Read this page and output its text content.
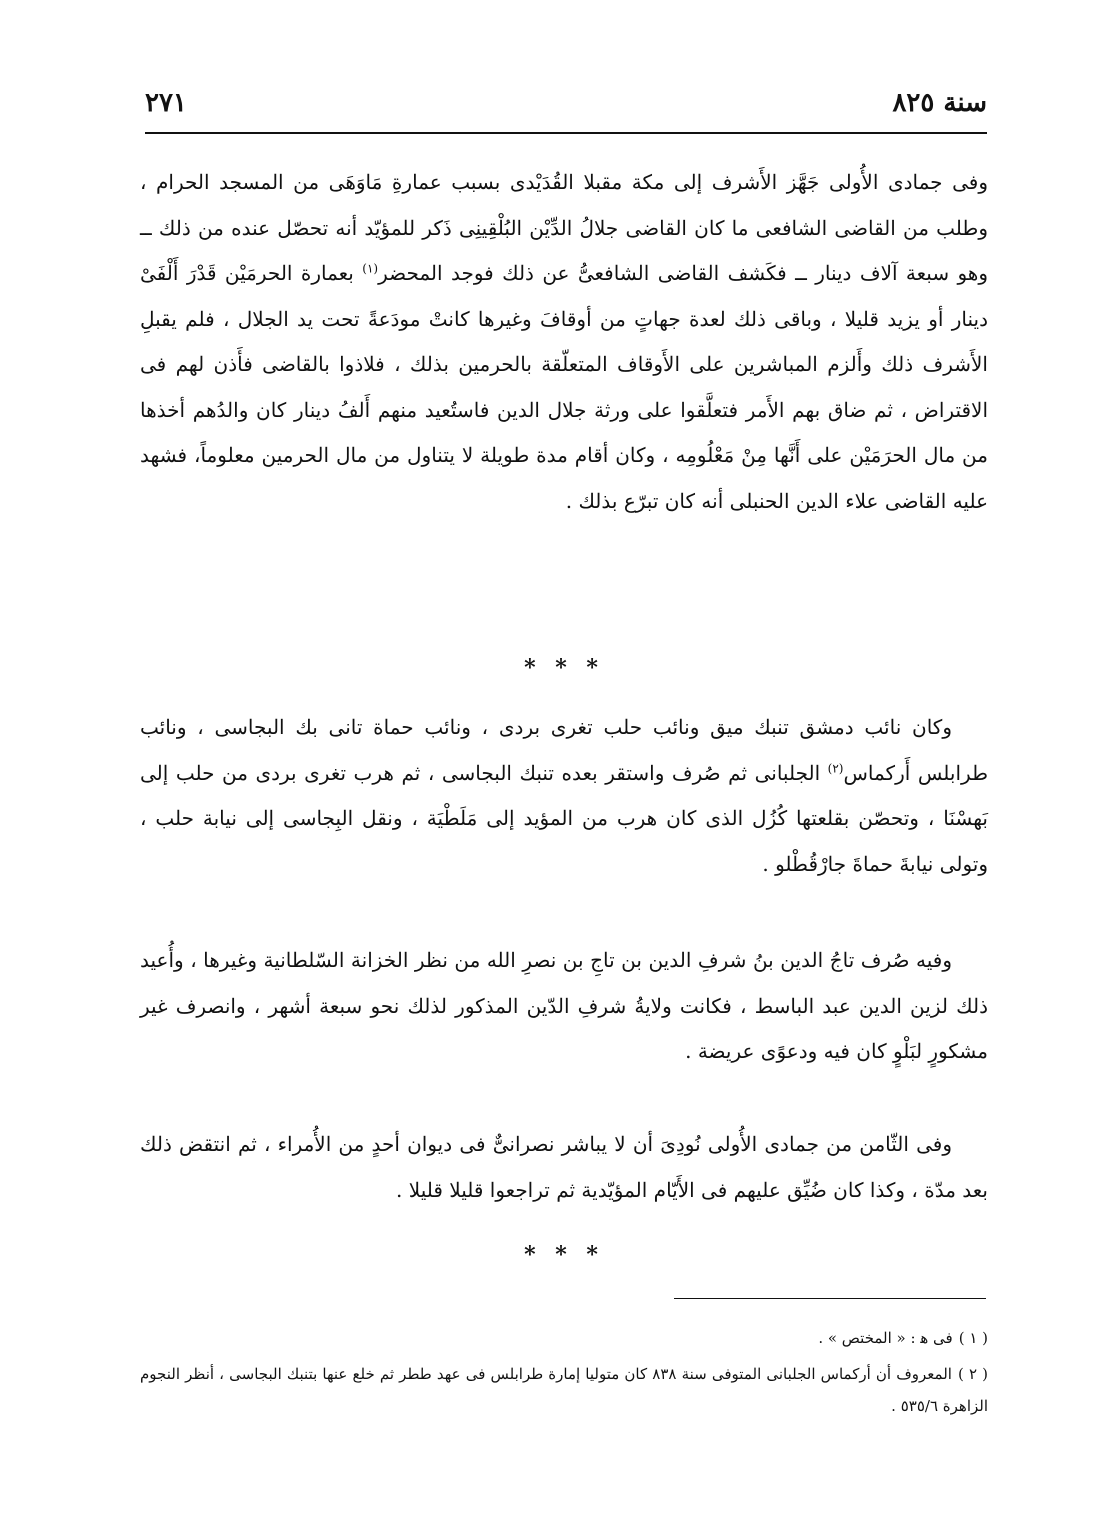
سنة ٨٢٥
٢٧١

وفى جمادى الأُولى جَهَّز الأَشرف إلى مكة مقبلا القُدَيْدى بسبب عمارةِ مَاوَهَى من المسجد الحرام ، وطلب من القاضى الشافعى ما كان القاضى جلالُ الدِّيْن البُلْقِينِى ذَكر للمؤيّد أنه تحصّل عنده من ذلك ــ وهو سبعة آلاف دينار ــ فكَشف القاضى الشافعىُّ عن ذلك فوجد المحضر$^{(١)}$ بعمارة الحرمَيْن قَدْرَ أَلْفَىْ دينار أو يزيد قليلا ، وباقى ذلك لعدة جهاتٍ من أوقافَ وغيرها كانتْ مودَعةً تحت يد الجلال ، فلم يقبلِ الأَشرف ذلك وأَلزم المباشرين على الأَوقاف المتعلّقة بالحرمين بذلك ، فلاذوا بالقاضى فأَذن لهم فى الاقتراض ، ثم ضاق بهم الأَمر فتعلَّقوا على ورثة جلال الدين فاستُعيد منهم أَلفُ دينار كان والدُهم أخذها من مال الحرَمَيْن على أَنَّها مِنْ مَعْلُومِه ، وكان أقام مدة طويلة لا يتناول من مال الحرمين معلوماً، فشهد عليه القاضى علاء الدين الحنبلى أنه كان تبرّع بذلك .

* * *

وكان نائب دمشق تنبك ميق ونائب حلب تغرى بردى ، ونائب حماة تانى بك البجاسى ، ونائب طرابلس أَركماس$^{(٢)}$ الجلبانى ثم صُرف واستقر بعده تنبك البجاسى ، ثم هرب تغرى بردى من حلب إلى بَهسْنَا ، وتحصّن بقلعتها كُزُل الذى كان هرب من المؤيد إلى مَلَطْيَة ، ونقل البِجاسى إلى نيابة حلب ، وتولى نيابةَ حماةَ جارْقُطْلو .

وفيه صُرف تاجُ الدين بنُ شرفِ الدين بن تاجِ بن نصرِ الله من نظر الخزانة السّلطانية وغيرها ، وأُعيد ذلك لزين الدين عبد الباسط ، فكانت ولايةُ شرفِ الدّين المذكور لذلك نحو سبعة أشهر ، وانصرف غير مشكورٍ لبَلْوٍ كان فيه ودعوًى عريضة .

وفى الثّامن من جمادى الأُولى نُودِىَ أن لا يباشر نصرانىٌّ فى ديوان أحدٍ من الأُمراء ، ثم انتقض ذلك بعد مدّة ، وكذا كان ضُيِّق عليهم فى الأَيّام المؤيّدية ثم تراجعوا قليلا قليلا .

* * *

( ١ )فى ﻫ : « المختص » .

( ٢ )المعروف أن أركماس الجلبانى المتوفى سنة ٨٣٨ كان متوليا إمارة طرابلس فى عهد ططر ثم خلع عنها بتنبك البجاسى ، أنظر النجوم الزاهرة ٥٣٥/٦ .
